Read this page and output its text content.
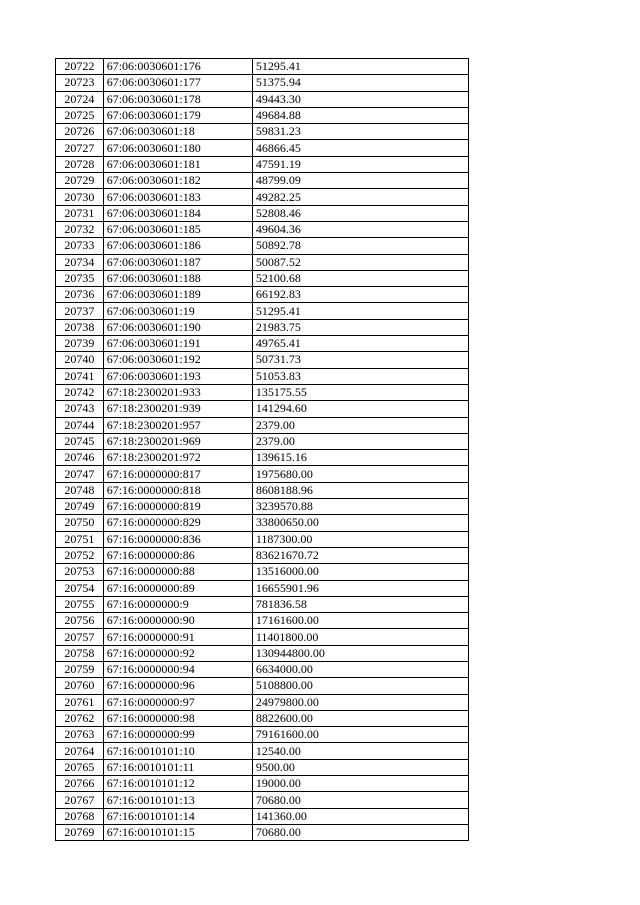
20722	67:06:0030601:176	51295.41
20723	67:06:0030601:177	51375.94
20724	67:06:0030601:178	49443.30
20725	67:06:0030601:179	49684.88
20726	67:06:0030601:18	59831.23
20727	67:06:0030601:180	46866.45
20728	67:06:0030601:181	47591.19
20729	67:06:0030601:182	48799.09
20730	67:06:0030601:183	49282.25
20731	67:06:0030601:184	52808.46
20732	67:06:0030601:185	49604.36
20733	67:06:0030601:186	50892.78
20734	67:06:0030601:187	50087.52
20735	67:06:0030601:188	52100.68
20736	67:06:0030601:189	66192.83
20737	67:06:0030601:19	51295.41
20738	67:06:0030601:190	21983.75
20739	67:06:0030601:191	49765.41
20740	67:06:0030601:192	50731.73
20741	67:06:0030601:193	51053.83
20742	67:18:2300201:933	135175.55
20743	67:18:2300201:939	141294.60
20744	67:18:2300201:957	2379.00
20745	67:18:2300201:969	2379.00
20746	67:18:2300201:972	139615.16
20747	67:16:0000000:817	1975680.00
20748	67:16:0000000:818	8608188.96
20749	67:16:0000000:819	3239570.88
20750	67:16:0000000:829	33800650.00
20751	67:16:0000000:836	1187300.00
20752	67:16:0000000:86	83621670.72
20753	67:16:0000000:88	13516000.00
20754	67:16:0000000:89	16655901.96
20755	67:16:0000000:9	781836.58
20756	67:16:0000000:90	17161600.00
20757	67:16:0000000:91	11401800.00
20758	67:16:0000000:92	130944800.00
20759	67:16:0000000:94	6634000.00
20760	67:16:0000000:96	5108800.00
20761	67:16:0000000:97	24979800.00
20762	67:16:0000000:98	8822600.00
20763	67:16:0000000:99	79161600.00
20764	67:16:0010101:10	12540.00
20765	67:16:0010101:11	9500.00
20766	67:16:0010101:12	19000.00
20767	67:16:0010101:13	70680.00
20768	67:16:0010101:14	141360.00
20769	67:16:0010101:15	70680.00
